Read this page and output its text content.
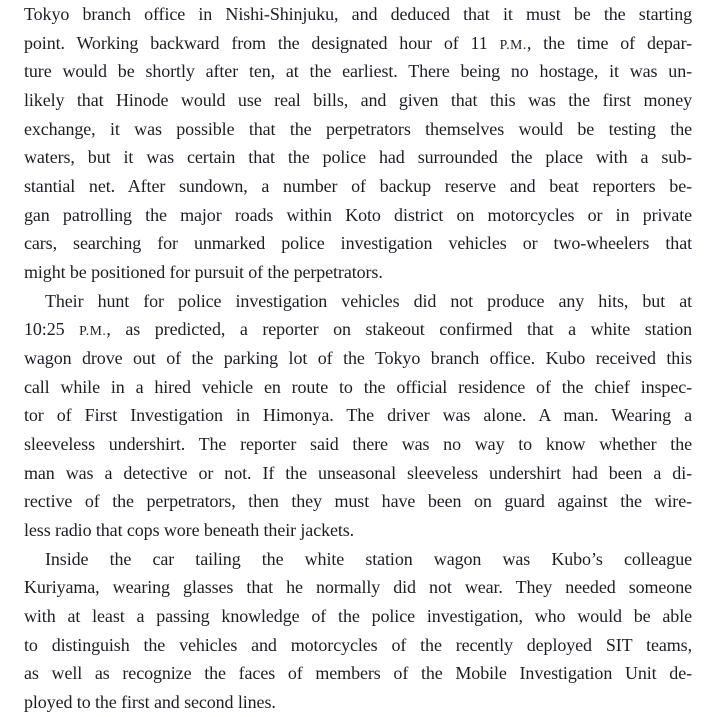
Tokyo branch office in Nishi-Shinjuku, and deduced that it must be the starting
point. Working backward from the designated hour of 11 P.M., the time of depar-
ture would be shortly after ten, at the earliest. There being no hostage, it was un-
likely that Hinode would use real bills, and given that this was the first money
exchange, it was possible that the perpetrators themselves would be testing the
waters, but it was certain that the police had surrounded the place with a sub-
stantial net. After sundown, a number of backup reserve and beat reporters be-
gan patrolling the major roads within Koto district on motorcycles or in private
cars, searching for unmarked police investigation vehicles or two-wheelers that
might be positioned for pursuit of the perpetrators.
Their hunt for police investigation vehicles did not produce any hits, but at
10:25 P.M., as predicted, a reporter on stakeout confirmed that a white station
wagon drove out of the parking lot of the Tokyo branch office. Kubo received this
call while in a hired vehicle en route to the official residence of the chief inspec-
tor of First Investigation in Himonya. The driver was alone. A man. Wearing a
sleeveless undershirt. The reporter said there was no way to know whether the
man was a detective or not. If the unseasonal sleeveless undershirt had been a di-
rective of the perpetrators, then they must have been on guard against the wire-
less radio that cops wore beneath their jackets.
Inside the car tailing the white station wagon was Kubo’s colleague
Kuriyama, wearing glasses that he normally did not wear. They needed someone
with at least a passing knowledge of the police investigation, who would be able
to distinguish the vehicles and motorcycles of the recently deployed SIT teams,
as well as recognize the faces of members of the Mobile Investigation Unit de-
ployed to the first and second lines.
